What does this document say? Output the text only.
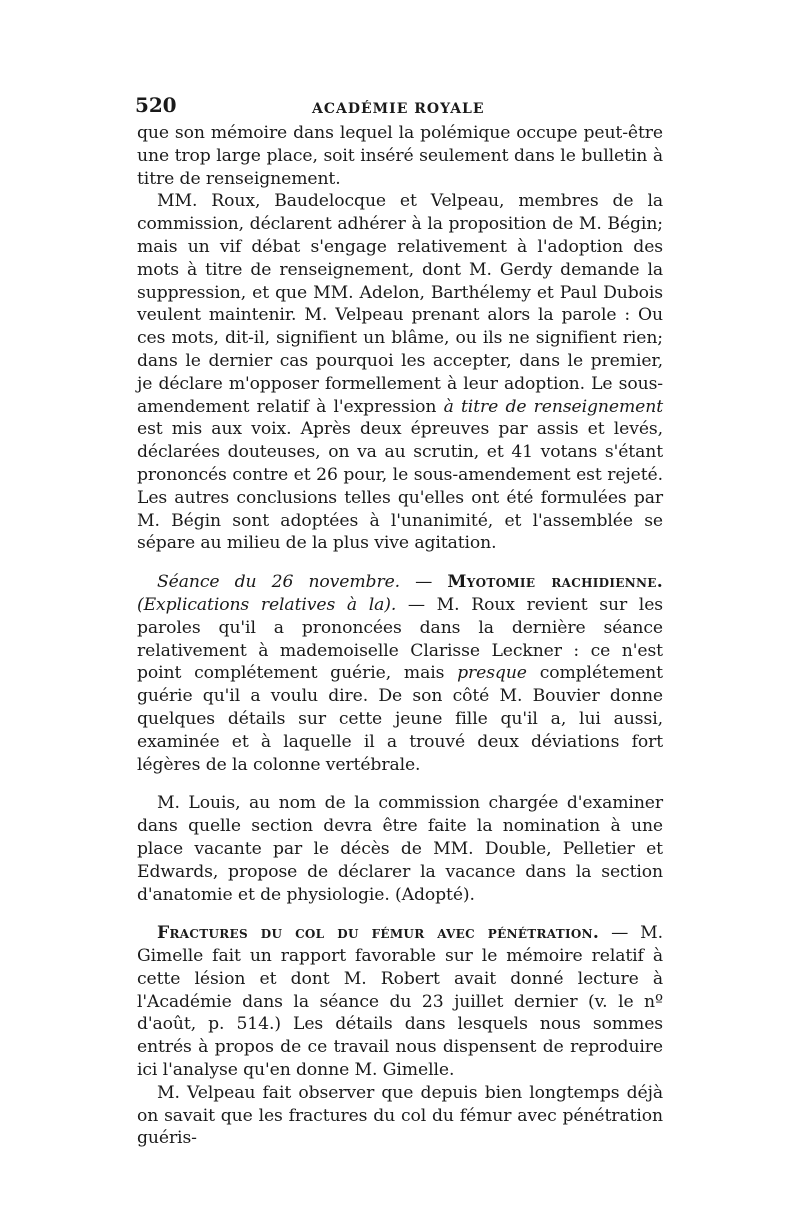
520	ACADÉMIE ROYALE

que son mémoire dans lequel la polémique occupe peut-être une trop large place, soit inséré seulement dans le bulletin à titre de renseignement.

MM. Roux, Baudelocque et Velpeau, membres de la commission, déclarent adhérer à la proposition de M. Bégin; mais un vif débat s'engage relativement à l'adoption des mots à titre de renseignement, dont M. Gerdy demande la suppression, et que MM. Adelon, Barthélemy et Paul Dubois veulent maintenir. M. Velpeau prenant alors la parole : Ou ces mots, dit-il, signifient un blâme, ou ils ne signifient rien; dans le dernier cas pourquoi les accepter, dans le premier, je déclare m'opposer formellement à leur adoption. Le sous-amendement relatif à l'expression à titre de renseignement est mis aux voix. Après deux épreuves par assis et levés, déclarées douteuses, on va au scrutin, et 41 votans s'étant prononcés contre et 26 pour, le sous-amendement est rejeté. Les autres conclusions telles qu'elles ont été formulées par M. Bégin sont adoptées à l'unanimité, et l'assemblée se sépare au milieu de la plus vive agitation.

Séance du 26 novembre. — Myotomie rachidienne. (Explications relatives à la). — M. Roux revient sur les paroles qu'il a prononcées dans la dernière séance relativement à mademoiselle Clarisse Leckner : ce n'est point complétement guérie, mais presque complétement guérie qu'il a voulu dire. De son côté M. Bouvier donne quelques détails sur cette jeune fille qu'il a, lui aussi, examinée et à laquelle il a trouvé deux déviations fort légères de la colonne vertébrale.

M. Louis, au nom de la commission chargée d'examiner dans quelle section devra être faite la nomination à une place vacante par le décès de MM. Double, Pelletier et Edwards, propose de déclarer la vacance dans la section d'anatomie et de physiologie. (Adopté).

Fractures du col du fémur avec pénétration. — M. Gimelle fait un rapport favorable sur le mémoire relatif à cette lésion et dont M. Robert avait donné lecture à l'Académie dans la séance du 23 juillet dernier (v. le nº d'août, p. 514.) Les détails dans lesquels nous sommes entrés à propos de ce travail nous dispensent de reproduire ici l'analyse qu'en donne M. Gimelle.

M. Velpeau fait observer que depuis bien longtemps déjà on savait que les fractures du col du fémur avec pénétration guéris-
